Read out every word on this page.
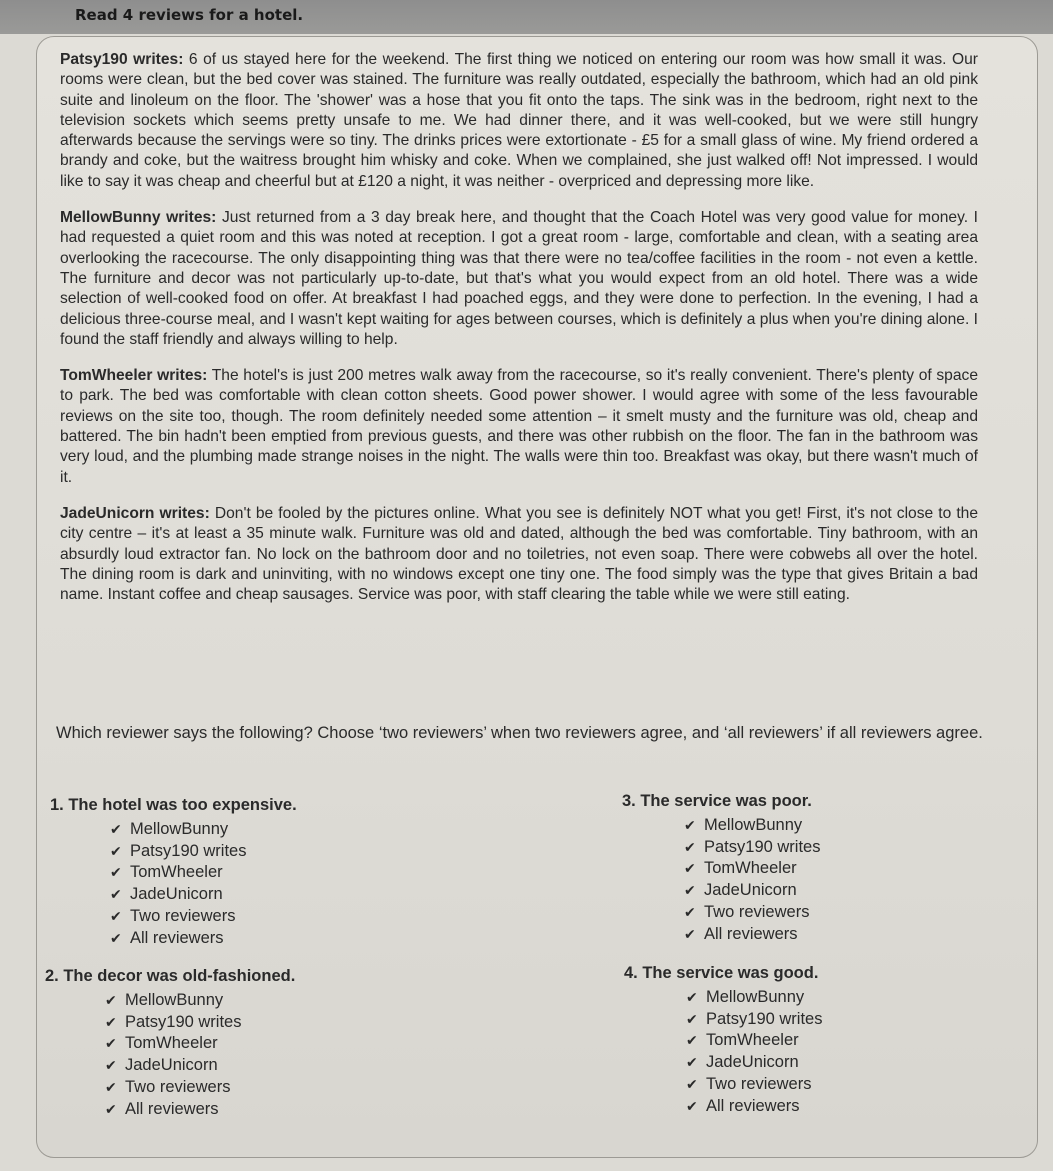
Read 4 reviews for a hotel.

Patsy190 writes: 6 of us stayed here for the weekend. The first thing we noticed on entering our room was how small it was. Our rooms were clean, but the bed cover was stained. The furniture was really outdated, especially the bathroom, which had an old pink suite and linoleum on the floor. The 'shower' was a hose that you fit onto the taps. The sink was in the bedroom, right next to the television sockets which seems pretty unsafe to me. We had dinner there, and it was well-cooked, but we were still hungry afterwards because the servings were so tiny. The drinks prices were extortionate - £5 for a small glass of wine. My friend ordered a brandy and coke, but the waitress brought him whisky and coke. When we complained, she just walked off! Not impressed. I would like to say it was cheap and cheerful but at £120 a night, it was neither - overpriced and depressing more like.

MellowBunny writes: Just returned from a 3 day break here, and thought that the Coach Hotel was very good value for money. I had requested a quiet room and this was noted at reception. I got a great room - large, comfortable and clean, with a seating area overlooking the racecourse. The only disappointing thing was that there were no tea/coffee facilities in the room - not even a kettle. The furniture and decor was not particularly up-to-date, but that's what you would expect from an old hotel. There was a wide selection of well-cooked food on offer. At breakfast I had poached eggs, and they were done to perfection. In the evening, I had a delicious three-course meal, and I wasn't kept waiting for ages between courses, which is definitely a plus when you're dining alone. I found the staff friendly and always willing to help.

TomWheeler writes: The hotel's is just 200 metres walk away from the racecourse, so it's really convenient. There's plenty of space to park. The bed was comfortable with clean cotton sheets. Good power shower. I would agree with some of the less favourable reviews on the site too, though. The room definitely needed some attention – it smelt musty and the furniture was old, cheap and battered. The bin hadn't been emptied from previous guests, and there was other rubbish on the floor. The fan in the bathroom was very loud, and the plumbing made strange noises in the night. The walls were thin too. Breakfast was okay, but there wasn't much of it.

JadeUnicorn writes: Don't be fooled by the pictures online. What you see is definitely NOT what you get! First, it's not close to the city centre – it's at least a 35 minute walk. Furniture was old and dated, although the bed was comfortable. Tiny bathroom, with an absurdly loud extractor fan. No lock on the bathroom door and no toiletries, not even soap. There were cobwebs all over the hotel. The dining room is dark and uninviting, with no windows except one tiny one. The food simply was the type that gives Britain a bad name. Instant coffee and cheap sausages. Service was poor, with staff clearing the table while we were still eating.

Which reviewer says the following? Choose ‘two reviewers’ when two reviewers agree, and ‘all reviewers’ if all reviewers agree.
1. The hotel was too expensive.
✔ MellowBunny
✔ Patsy190 writes
✔ TomWheeler
✔ JadeUnicorn
✔ Two reviewers
✔ All reviewers
2. The decor was old-fashioned.
✔ MellowBunny
✔ Patsy190 writes
✔ TomWheeler
✔ JadeUnicorn
✔ Two reviewers
✔ All reviewers
3. The service was poor.
✔ MellowBunny
✔ Patsy190 writes
✔ TomWheeler
✔ JadeUnicorn
✔ Two reviewers
✔ All reviewers
4. The service was good.
✔ MellowBunny
✔ Patsy190 writes
✔ TomWheeler
✔ JadeUnicorn
✔ Two reviewers
✔ All reviewers
